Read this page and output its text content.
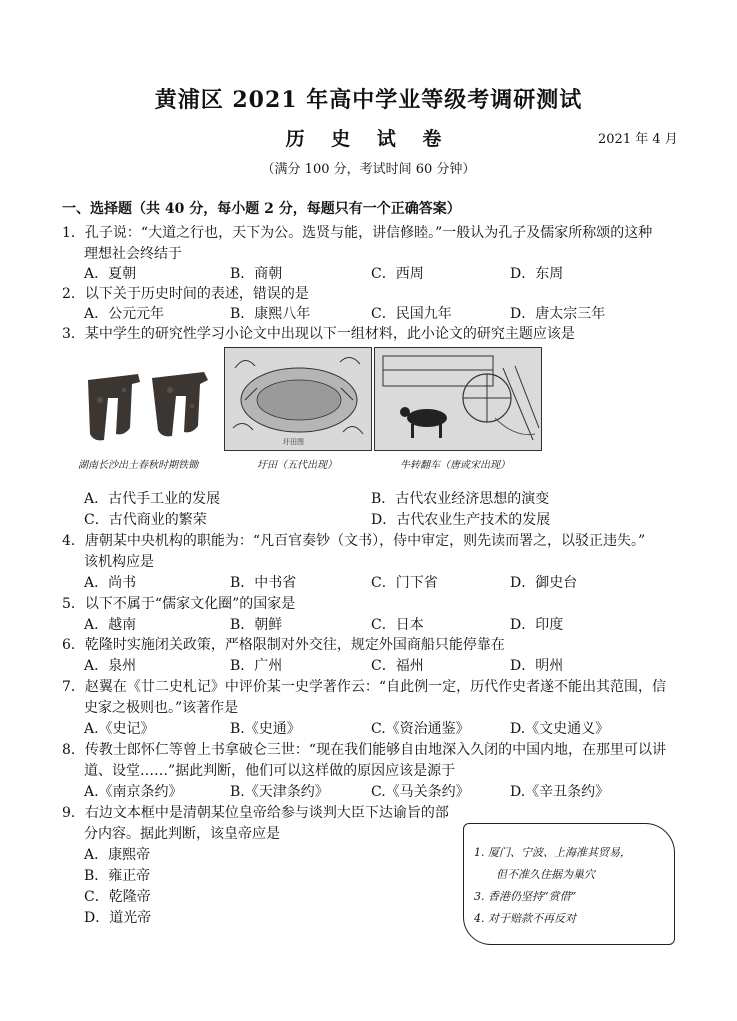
黄浦区 2021 年高中学业等级考调研测试
历 史 试 卷	2021 年 4 月
（满分 100 分，考试时间 60 分钟）
一、选择题（共 40 分，每小题 2 分，每题只有一个正确答案）
1．孔子说：“大道之行也，天下为公。选贤与能，讲信修睦。”一般认为孔子及儒家所称颂的这种
理想社会终结于
A．夏朝	B．商朝	C．西周	D．东周
2．以下关于历史时间的表述，错误的是
A．公元元年	B．康熙八年	C．民国九年	D．唐太宗三年
3．某中学生的研究性学习小论文中出现以下一组材料，此小论文的研究主题应该是
圩田图
湖南长沙出土春秋时期铁锄	圩田（五代出现）	牛转翻车（唐或宋出现）
A．古代手工业的发展	B．古代农业经济思想的演变
C．古代商业的繁荣	D．古代农业生产技术的发展
4．唐朝某中央机构的职能为：“凡百官奏钞（文书），侍中审定，则先读而署之，以驳正违失。”
该机构应是
A．尚书	B．中书省	C．门下省	D．御史台
5．以下不属于“儒家文化圈”的国家是
A．越南	B．朝鲜	C．日本	D．印度
6．乾隆时实施闭关政策，严格限制对外交往，规定外国商船只能停靠在
A．泉州	B．广州	C．福州	D．明州
7．赵翼在《廿二史札记》中评价某一史学著作云：“自此例一定，历代作史者遂不能出其范围，信
史家之极则也。”该著作是
A.《史记》	B.《史通》	C.《资治通鉴》	D.《文史通义》
8．传教士郎怀仁等曾上书拿破仑三世：“现在我们能够自由地深入久闭的中国内地，在那里可以讲
道、设堂……”据此判断，他们可以这样做的原因应该是源于
A.《南京条约》	B.《天津条约》	C.《马关条约》	D.《辛丑条约》
9．右边文本框中是清朝某位皇帝给参与谈判大臣下达谕旨的部
分内容。据此判断，该皇帝应是
A．康熙帝
B．雍正帝
C．乾隆帝
D．道光帝
1. 厦门、宁波、上海准其贸易，
但不准久住据为巢穴
3. 香港仍坚持“赏借”
4. 对于赔款不再反对
